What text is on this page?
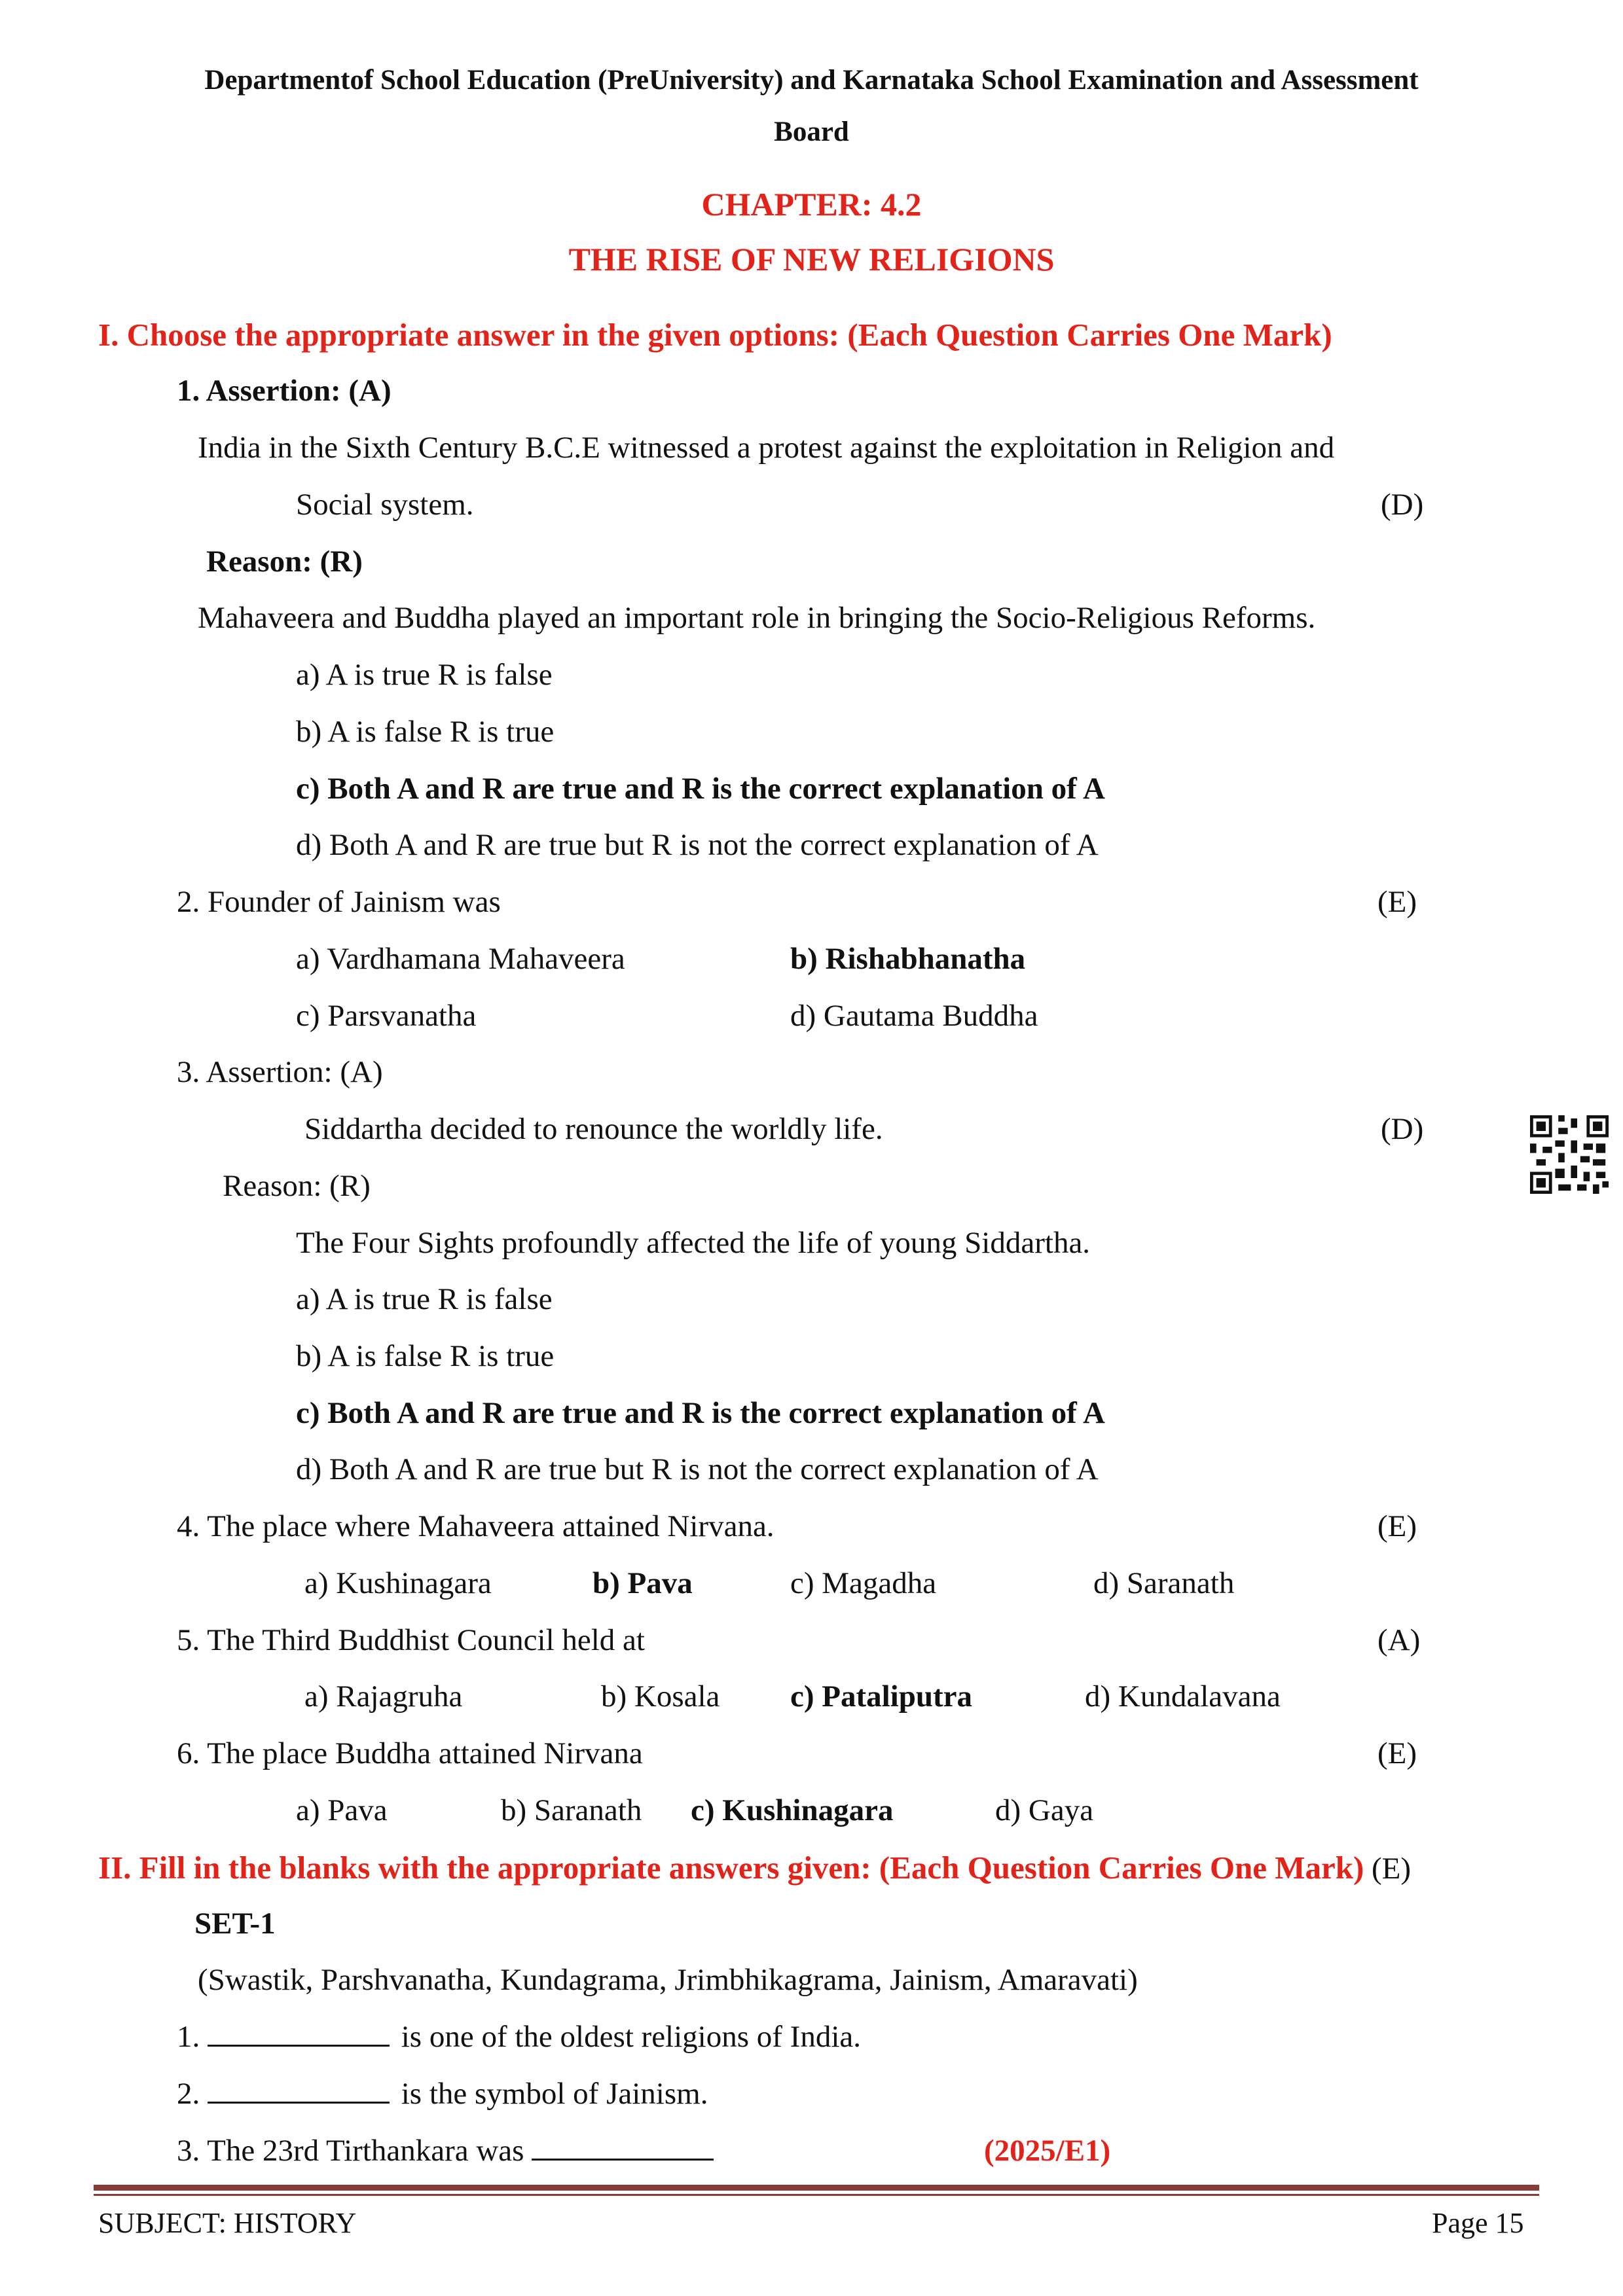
Departmentof School Education (PreUniversity) and Karnataka School Examination and Assessment
Board
CHAPTER: 4.2
THE RISE OF NEW RELIGIONS
I. Choose the appropriate answer in the given options: (Each Question Carries One Mark)
1. Assertion: (A)
India in the Sixth Century B.C.E witnessed a protest against the exploitation in Religion and
Social system.	(D)
Reason: (R)
Mahaveera and Buddha played an important role in bringing the Socio-Religious Reforms.
a) A is true R is false
b) A is false R is true
c) Both A and R are true and R is the correct explanation of A
d) Both A and R are true but R is not the correct explanation of A
2. Founder of Jainism was	(E)
a) Vardhamana Mahaveera	b) Rishabhanatha
c) Parsvanatha	d) Gautama Buddha
3. Assertion: (A)
Siddartha decided to renounce the worldly life.	(D)
Reason: (R)
The Four Sights profoundly affected the life of young Siddartha.
a) A is true R is false
b) A is false R is true
c) Both A and R are true and R is the correct explanation of A
d) Both A and R are true but R is not the correct explanation of A
4. The place where Mahaveera attained Nirvana.	(E)
a) Kushinagara	b) Pava	c) Magadha	d) Saranath
5. The Third Buddhist Council held at	(A)
a) Rajagruha	b) Kosala c) Pataliputra	d) Kundalavana
6. The place Buddha attained Nirvana	(E)
a) Pava	b) Saranath c) Kushinagara	d) Gaya
II. Fill in the blanks with the appropriate answers given: (Each Question Carries One Mark) (E)
SET-1
(Swastik, Parshvanatha, Kundagrama, Jrimbhikagrama, Jainism, Amaravati)
1.	is one of the oldest religions of India.
2.	is the symbol of Jainism.
3. The 23rd Tirthankara was	(2025/E1)
SUBJECT: HISTORY	Page 15
